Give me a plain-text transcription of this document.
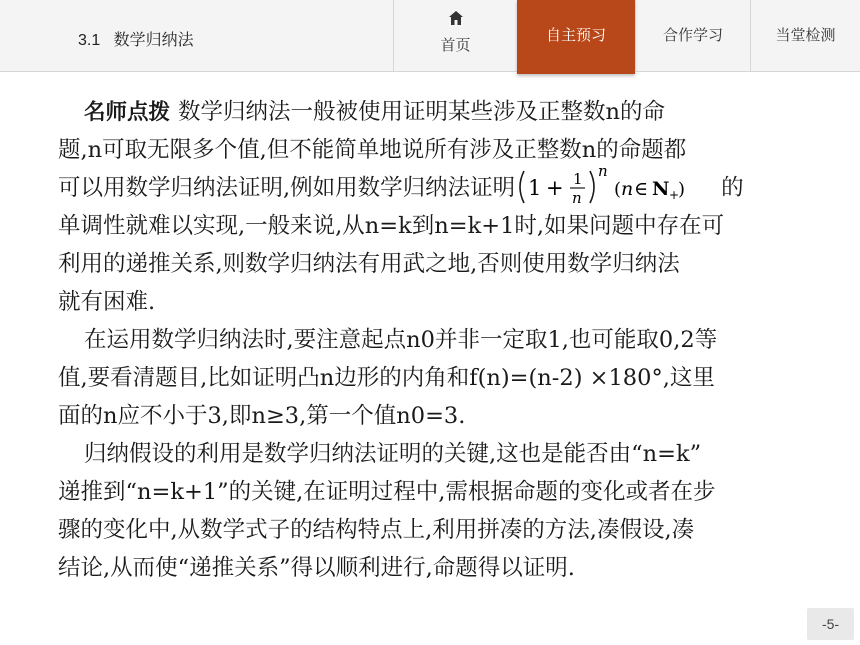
3.1   数学归纳法	首页
自主预习	合作学习	当堂检测
名师点拨 数学归纳法一般被使用证明某些涉及正整数n的命
题,n可取无限多个值,但不能简单地说所有涉及正整数n的命题都
可以用数学归纳法证明,例如用数学归纳法证明 1 + 1
n
n
( n ∈ N +
) 的
单调性就难以实现,一般来说,从n=k到n=k+1时,如果问题中存在可
利用的递推关系,则数学归纳法有用武之地,否则使用数学归纳法
就有困难.
在运用数学归纳法时,要注意起点n0并非一定取1,也可能取0,2等
值,要看清题目,比如证明凸n边形的内角和f(n)=(n-2) ×180°,这里
面的n应不小于3,即n≥3,第一个值n0=3.
归纳假设的利用是数学归纳法证明的关键,这也是能否由“n=k”
递推到“n=k+1”的关键,在证明过程中,需根据命题的变化或者在步
骤的变化中,从数学式子的结构特点上,利用拼凑的方法,凑假设,凑
结论,从而使“递推关系”得以顺利进行,命题得以证明.
-5-
